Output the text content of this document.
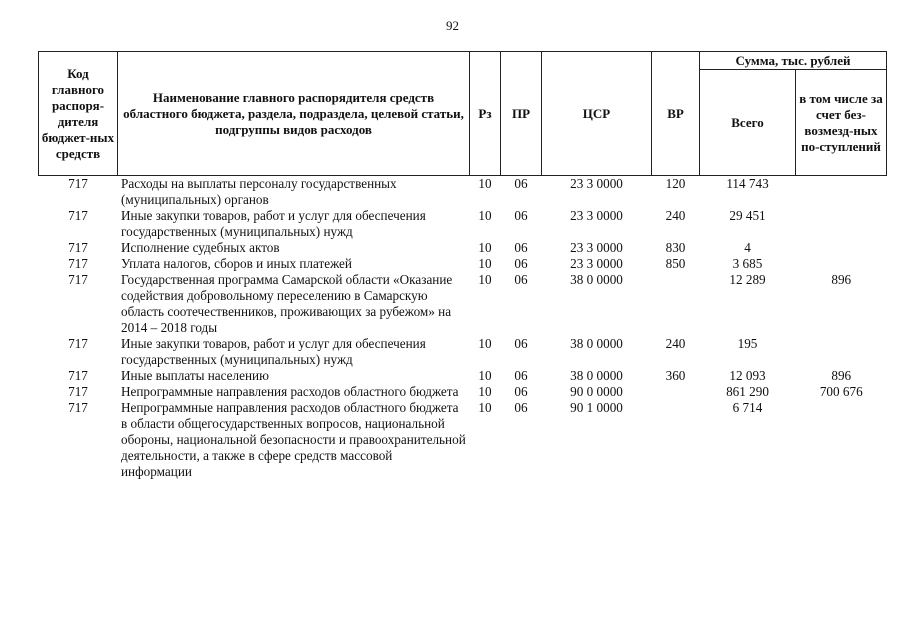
92
Код главного распоря-дителя бюджет-ных средств	Наименование главного распорядителя средств областного бюджета, раздела, подраздела, целевой статьи, подгруппы видов расходов	Рз	ПР	ЦСР	ВР	Сумма, тыс. рублей	
						Всего	в том числе за счет без-возмезд-ных по-ступлений
717	Расходы на выплаты персоналу государственных (муниципальных) органов	10	06	23 3 0000	120	114 743	
717	Иные закупки товаров, работ и услуг для обеспечения государственных (муниципальных) нужд	10	06	23 3 0000	240	29 451	
717	Исполнение судебных актов	10	06	23 3 0000	830	4	
717	Уплата налогов, сборов и иных платежей	10	06	23 3 0000	850	3 685	
717	Государственная программа Самарской области «Оказание содействия добровольному переселению в Самарскую область соотечественников, проживающих за рубежом» на 2014 – 2018 годы	10	06	38 0 0000		12 289	896
717	Иные закупки товаров, работ и услуг для обеспечения государственных (муниципальных) нужд	10	06	38 0 0000	240	195	
717	Иные выплаты населению	10	06	38 0 0000	360	12 093	896
717	Непрограммные направления расходов областного бюджета	10	06	90 0 0000		861 290	700 676
717	Непрограммные направления расходов областного бюджета в области общегосударственных вопросов, национальной обороны, национальной безопасности и правоохранительной деятельности, а также в сфере средств массовой информации	10	06	90 1 0000		6 714	
